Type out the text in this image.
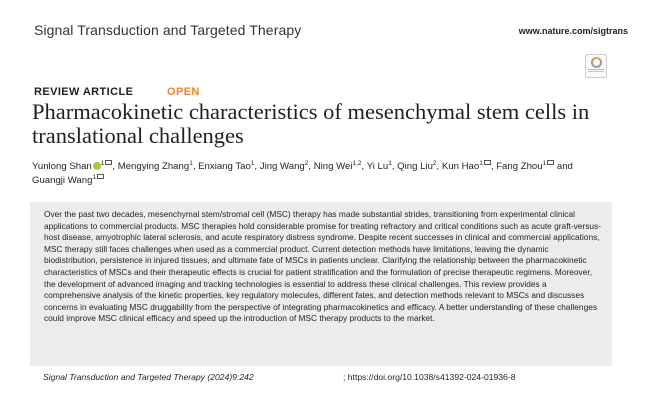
Signal Transduction and Targeted Therapy	www.nature.com/sigtrans
REVIEW ARTICLE	OPEN
Pharmacokinetic characteristics of mesenchymal stem cells in translational challenges
Yunlong Shan $^1$ , Mengying Zhang$^1$, Enxiang Tao$^1$, Jing Wang$^2$, Ning Wei$^{1,2}$, Yi Lu$^1$, Qing Liu$^2$, Kun Hao$^1$ , Fang Zhou$^1$ and Guangji Wang$^1$

Over the past two decades, mesenchymal stem/stromal cell (MSC) therapy has made substantial strides, transitioning from experimental clinical applications to commercial products. MSC therapies hold considerable promise for treating refractory and critical conditions such as acute graft-versus-host disease, amyotrophic lateral sclerosis, and acute respiratory distress syndrome. Despite recent successes in clinical and commercial applications, MSC therapy still faces challenges when used as a commercial product. Current detection methods have limitations, leaving the dynamic biodistribution, persistence in injured tissues, and ultimate fate of MSCs in patients unclear. Clarifying the relationship between the pharmacokinetic characteristics of MSCs and their therapeutic effects is crucial for patient stratification and the formulation of precise therapeutic regimens. Moreover, the development of advanced imaging and tracking technologies is essential to address these clinical challenges. This review provides a comprehensive analysis of the kinetic properties, key regulatory molecules, different fates, and detection methods relevant to MSCs and discusses concerns in evaluating MSC druggability from the perspective of integrating pharmacokinetics and efficacy. A better understanding of these challenges could improve MSC clinical efficacy and speed up the introduction of MSC therapy products to the market.

Signal Transduction and Targeted Therapy (2024)9:242	; https://doi.org/10.1038/s41392-024-01936-8
